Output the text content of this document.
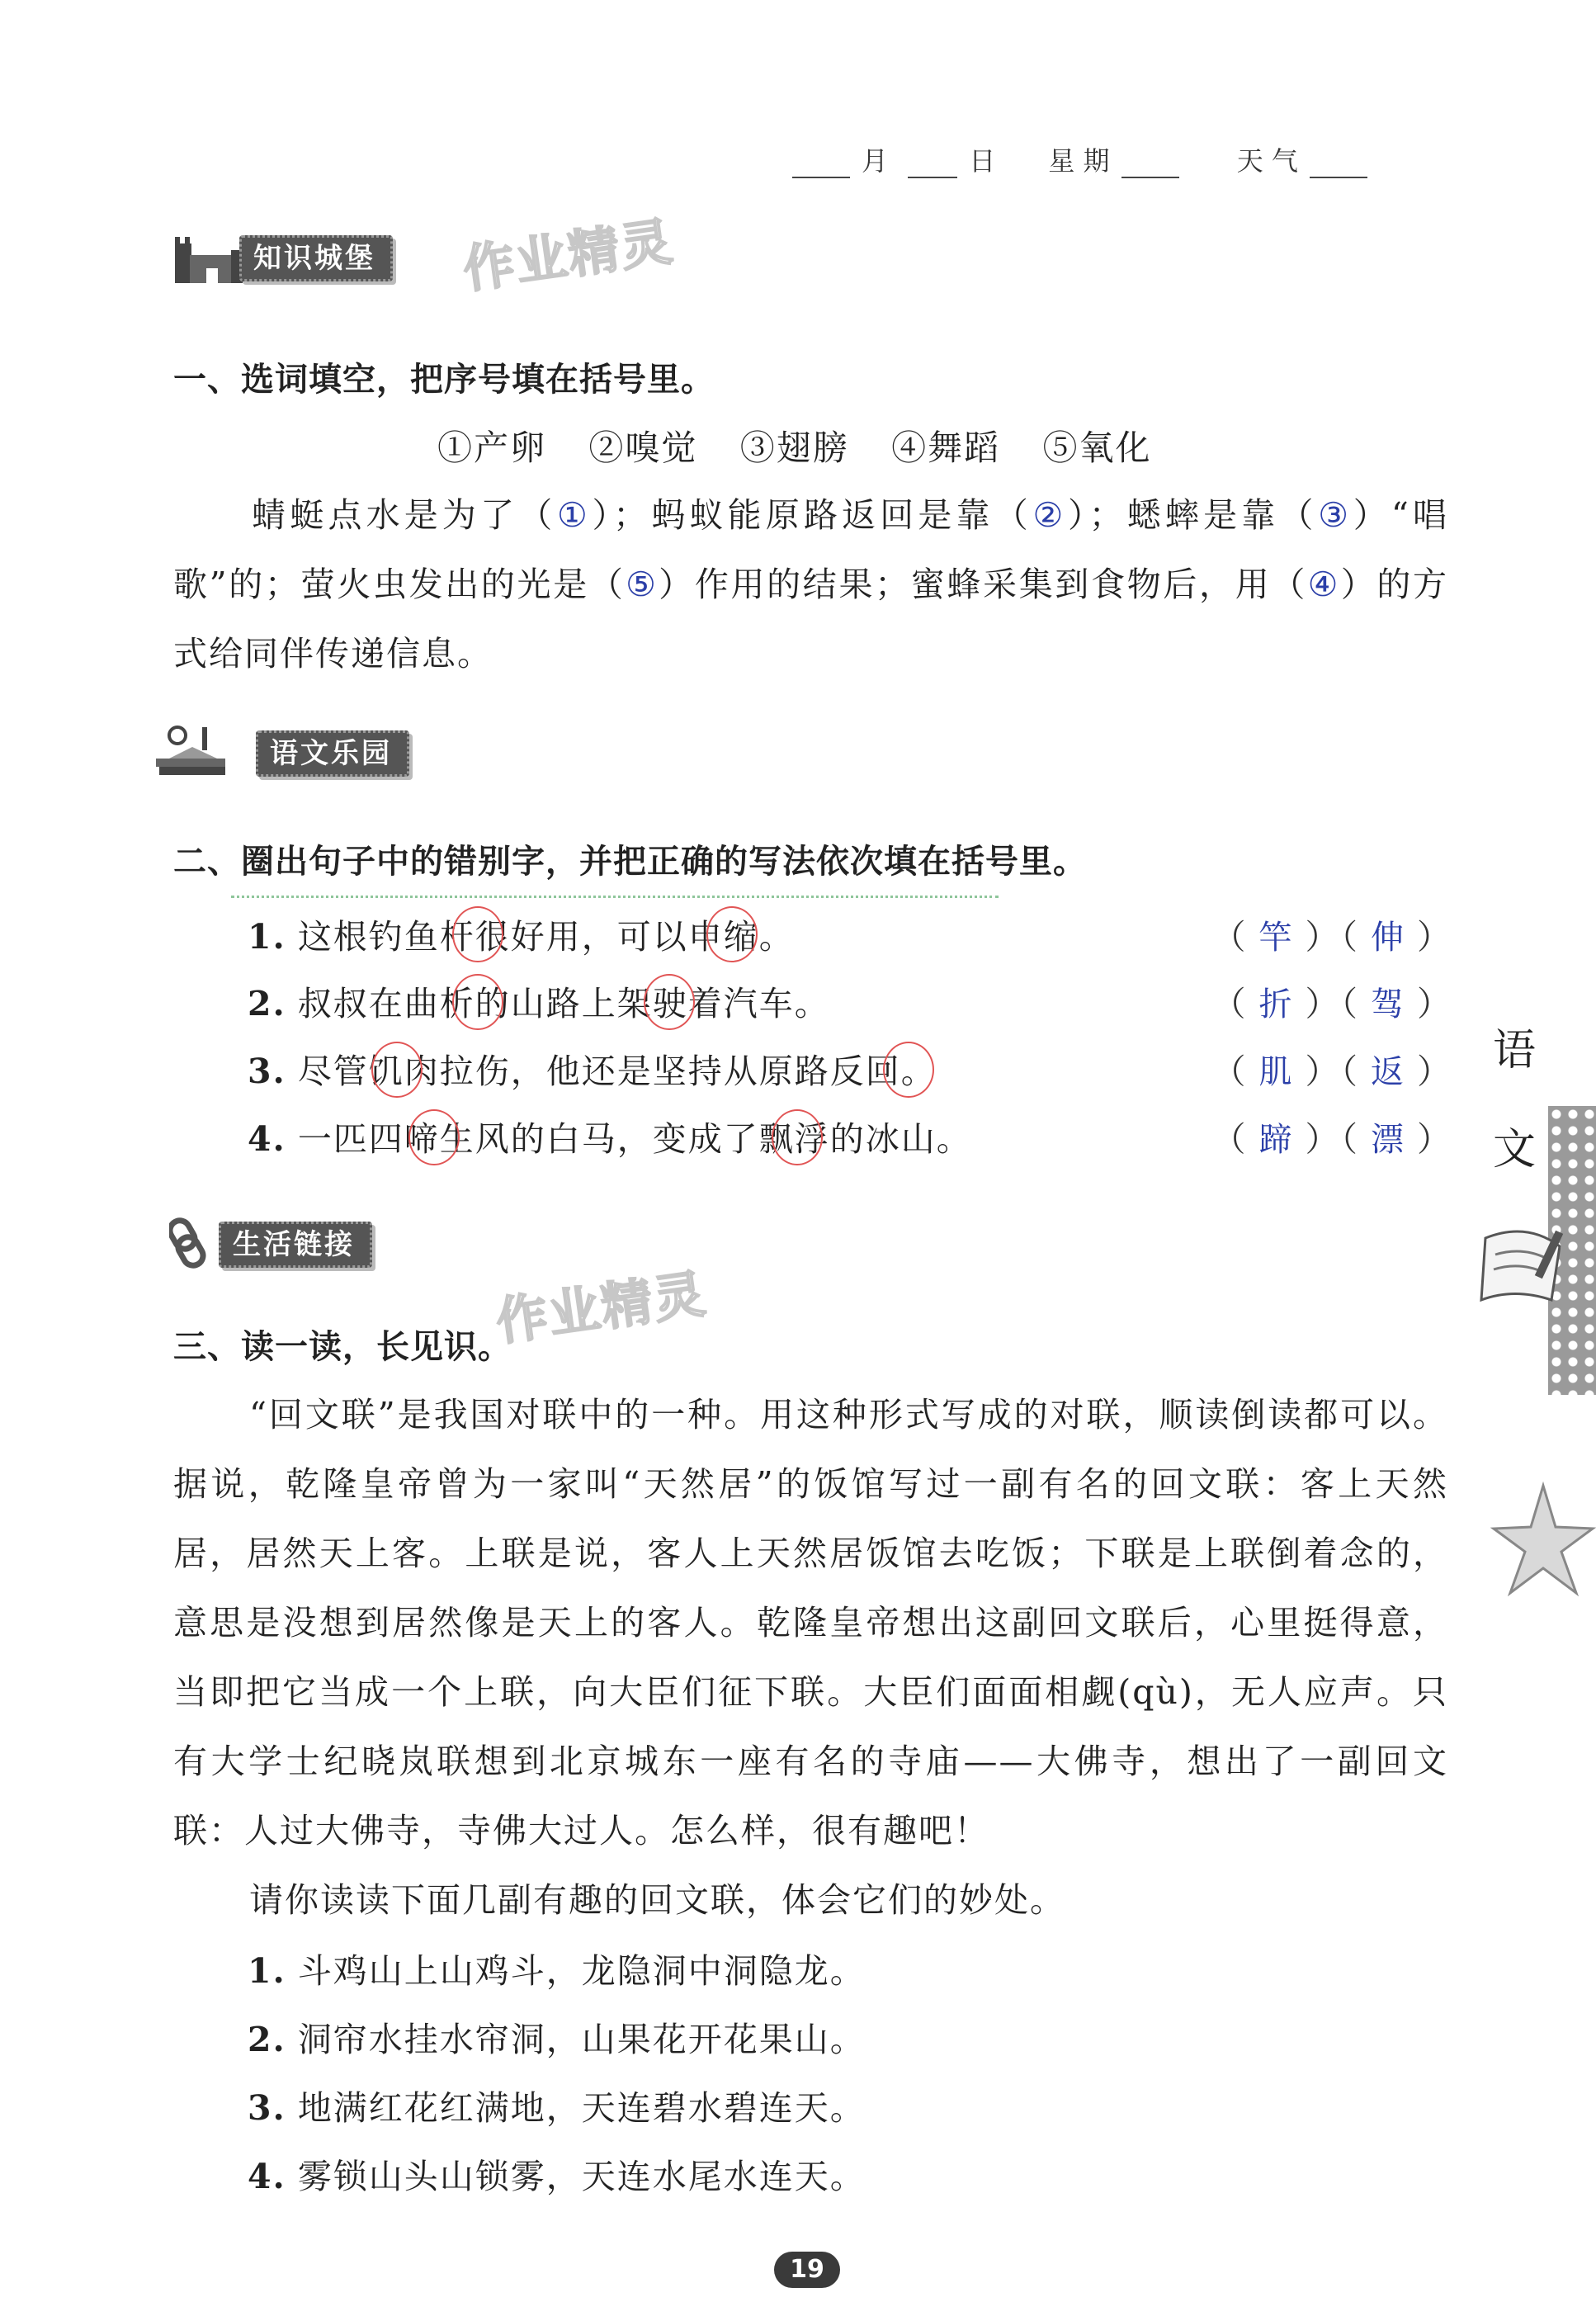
月	日 星 期	天 气
知识城堡	作业精灵
一、选词填空，把序号填在括号里。
①产卵 ②嗅觉 ③翅膀 ④舞蹈 ⑤氧化
蜻蜓点水是为了（①）；蚂蚁能原路返回是靠（②）；蟋蟀是靠（③）“唱歌”的；萤火虫发出的光是（⑤）作用的结果；蜜蜂采集到食物后，用（④）的方式给同伴传递信息。
语文乐园
二、圈出句子中的错别字，并把正确的写法依次填在括号里。
1. 这根钓鱼杆很好用，可以申缩。	（ 竿 ）（ 伸 ）
2. 叔叔在曲析的山路上架驶着汽车。	（ 折 ）（ 驾 ）
3. 尽管饥肉拉伤，他还是坚持从原路反回。	（ 肌 ）（ 返 ）
4. 一匹四啼生风的白马，变成了飘浮的冰山。	（ 蹄 ）（ 漂 ）
生活链接
作业精灵
三、读一读，长见识。
“回文联”是我国对联中的一种。用这种形式写成的对联，顺读倒读都可以。据说，乾隆皇帝曾为一家叫“天然居”的饭馆写过一副有名的回文联：客上天然居，居然天上客。上联是说，客人上天然居饭馆去吃饭；下联是上联倒着念的，意思是没想到居然像是天上的客人。乾隆皇帝想出这副回文联后，心里挺得意，当即把它当成一个上联，向大臣们征下联。大臣们面面相觑(qù)，无人应声。只有大学士纪晓岚联想到北京城东一座有名的寺庙——大佛寺，想出了一副回文联：人过大佛寺，寺佛大过人。怎么样，很有趣吧！
请你读读下面几副有趣的回文联，体会它们的妙处。
1. 斗鸡山上山鸡斗，龙隐洞中洞隐龙。
2. 洞帘水挂水帘洞，山果花开花果山。
3. 地满红花红满地，天连碧水碧连天。
4. 雾锁山头山锁雾，天连水尾水连天。
语
文
19
